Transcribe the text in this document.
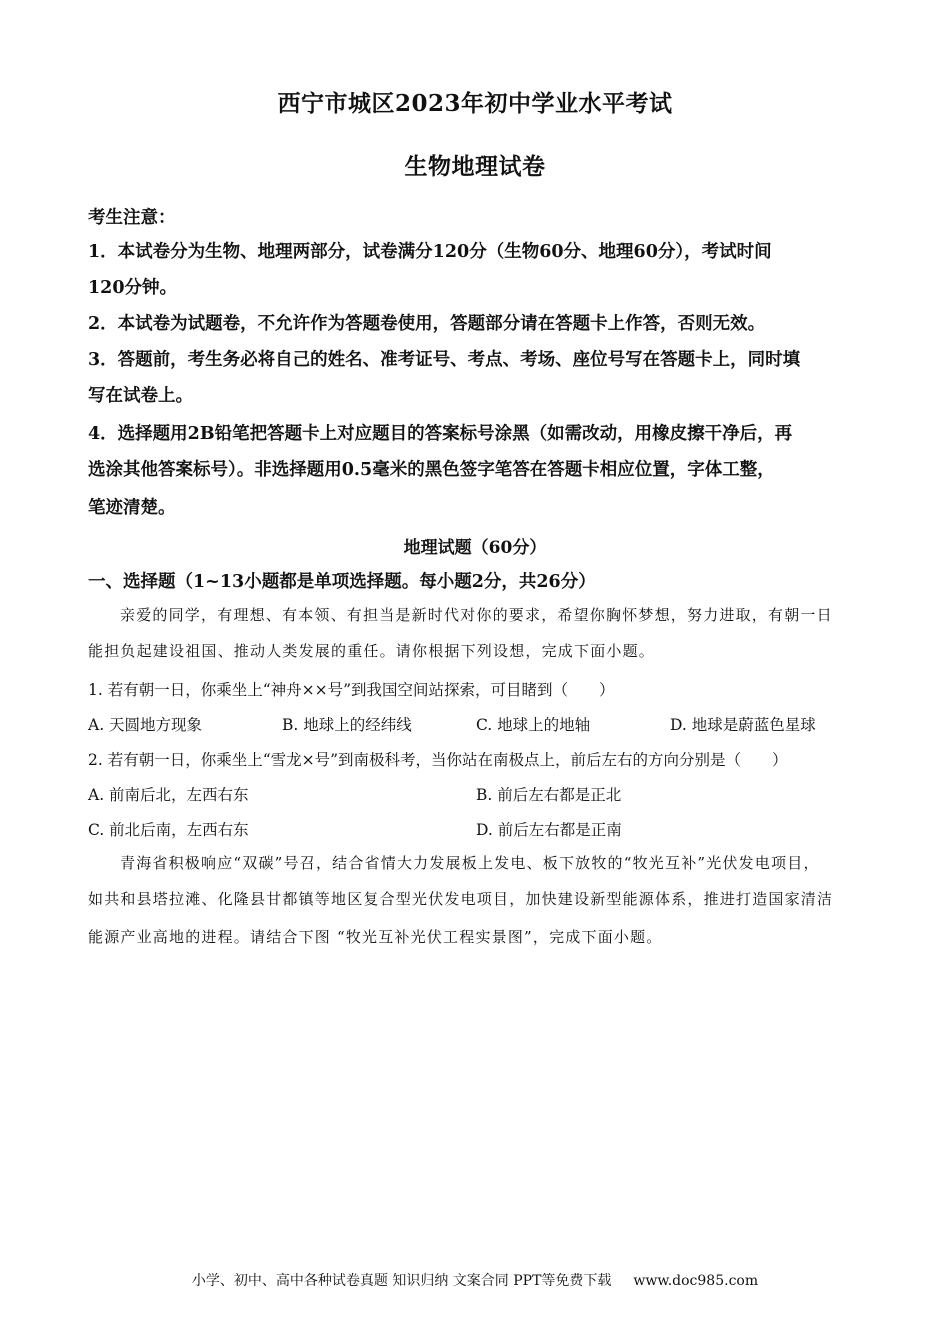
西宁市城区2023年初中学业水平考试
生物地理试卷
考生注意：
1．本试卷分为生物、地理两部分，试卷满分120分（生物60分、地理60分），考试时间
120分钟。
2．本试卷为试题卷，不允许作为答题卷使用，答题部分请在答题卡上作答，否则无效。
3．答题前，考生务必将自己的姓名、准考证号、考点、考场、座位号写在答题卡上，同时填
写在试卷上。
4．选择题用2B铅笔把答题卡上对应题目的答案标号涂黑（如需改动，用橡皮擦干净后，再
选涂其他答案标号）。非选择题用0.5毫米的黑色签字笔答在答题卡相应位置，字体工整，
笔迹清楚。
地理试题（60分）
一、选择题（1~13小题都是单项选择题。每小题2分，共26分）
亲爱的同学，有理想、有本领、有担当是新时代对你的要求，希望你胸怀梦想，努力进取，有朝一日
能担负起建设祖国、推动人类发展的重任。请你根据下列设想，完成下面小题。
1. 若有朝一日，你乘坐上“神舟××号”到我国空间站探索，可目睹到（　　）
A. 天圆地方现象	B. 地球上的经纬线	C. 地球上的地轴	D. 地球是蔚蓝色星球
2. 若有朝一日，你乘坐上“雪龙×号”到南极科考，当你站在南极点上，前后左右的方向分别是（　　）
A. 前南后北，左西右东	B. 前后左右都是正北
C. 前北后南，左西右东	D. 前后左右都是正南
青海省积极响应“双碳”号召，结合省情大力发展板上发电、板下放牧的“牧光互补”光伏发电项目，
如共和县塔拉滩、化隆县甘都镇等地区复合型光伏发电项目，加快建设新型能源体系，推进打造国家清洁
能源产业高地的进程。请结合下图 “牧光互补光伏工程实景图”，完成下面小题。
小学、初中、高中各种试卷真题 知识归纳 文案合同 PPT等免费下载 www.doc985.com
